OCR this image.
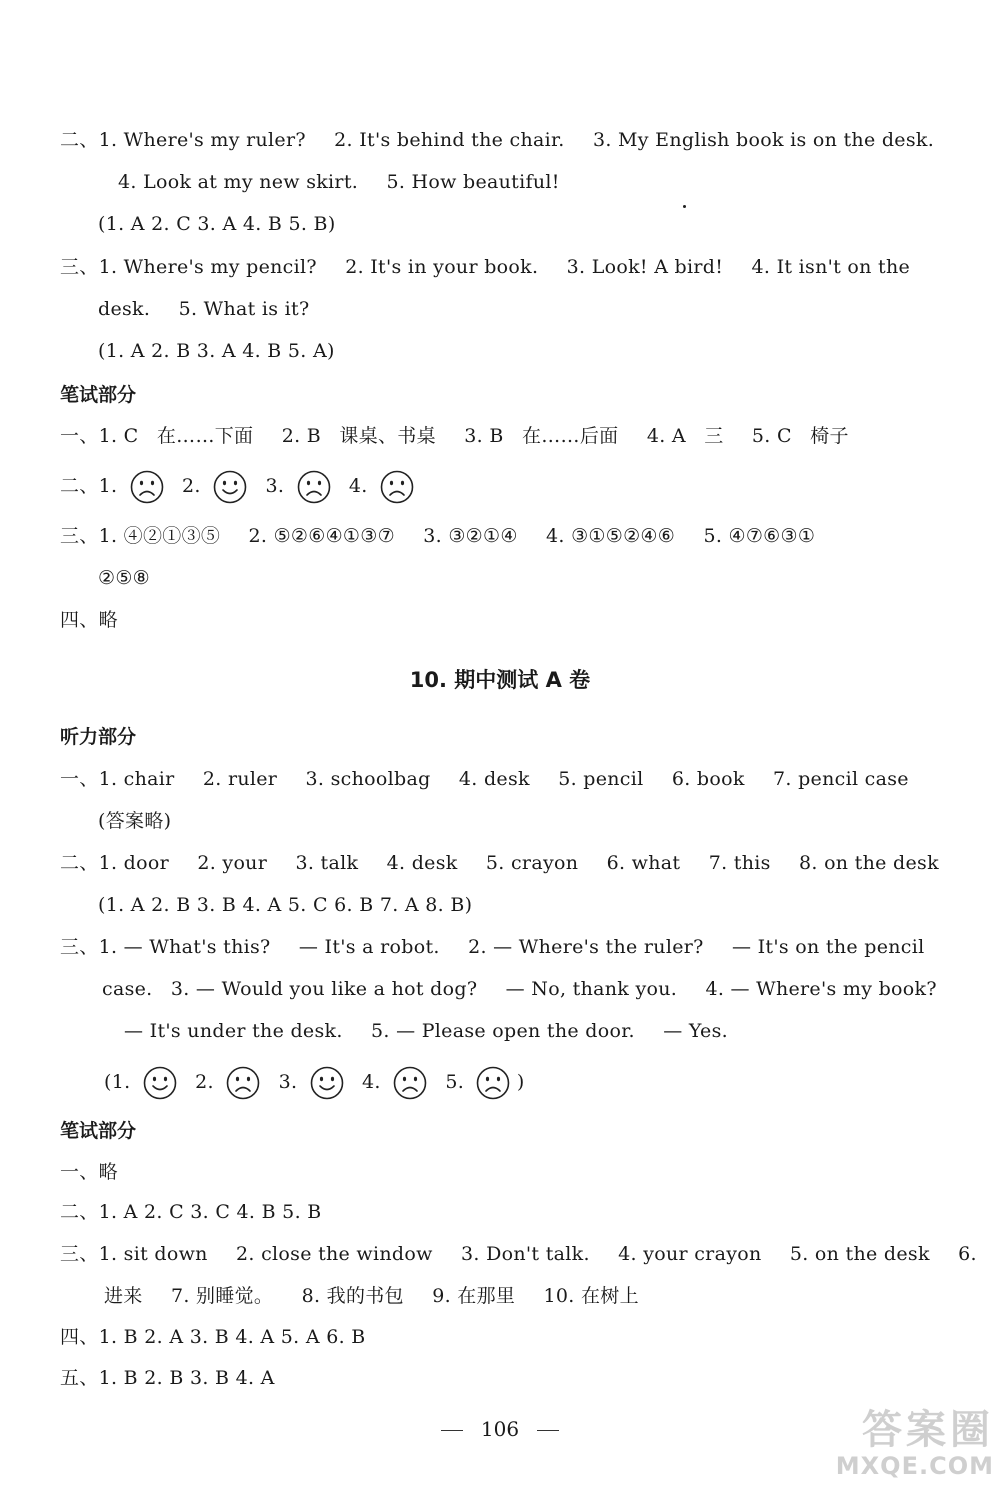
二、1. Where's my ruler? 2. It's behind the chair. 3. My English book is on the desk.
4. Look at my new skirt. 5. How beautiful!
(1. A 2. C 3. A 4. B 5. B)
三、1. Where's my pencil? 2. It's in your book. 3. Look! A bird! 4. It isn't on the
desk. 5. What is it?
(1. A 2. B 3. A 4. B 5. A)
笔试部分
一、1. C 在……下面 2. B 课桌、书桌 3. B 在……后面 4. A 三 5. C 椅子
二、1.	2.	3.	4.
三、1. ④②①③⑤ 2. ⑤②⑥④①③⑦ 3. ③②①④ 4. ③①⑤②④⑥ 5. ④⑦⑥③①
②⑤⑧
四、略
10. 期中测试 A 卷
听力部分
一、1. chair 2. ruler 3. schoolbag 4. desk 5. pencil 6. book 7. pencil case
(答案略)
二、1. door 2. your 3. talk 4. desk 5. crayon 6. what 7. this 8. on the desk
(1. A 2. B 3. B 4. A 5. C 6. B 7. A 8. B)
三、1. — What's this? — It's a robot. 2. — Where's the ruler? — It's on the pencil
case. 3. — Would you like a hot dog? — No, thank you. 4. — Where's my book?
— It's under the desk. 5. — Please open the door. — Yes.
(1.	2.	3.	4.	5.	)
笔试部分
一、略
二、1. A 2. C 3. C 4. B 5. B
三、1. sit down 2. close the window 3. Don't talk. 4. your crayon 5. on the desk 6.
进来 7. 别睡觉。 8. 我的书包 9. 在那里 10. 在树上
四、1. B 2. A 3. B 4. A 5. A 6. B
五、1. B 2. B 3. B 4. A
106	答案圈
MXQE.COM
